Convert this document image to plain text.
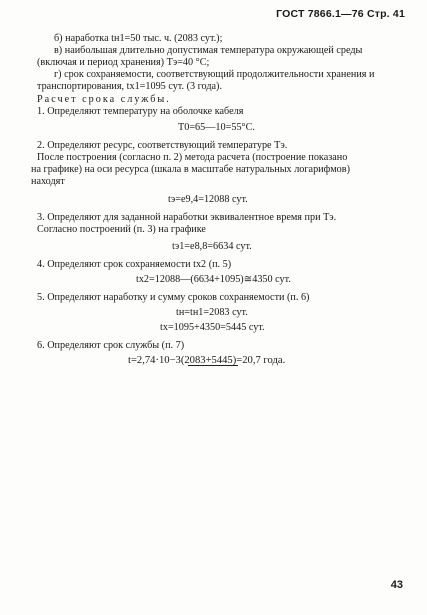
ГОСТ 7866.1—76 Стр. 41
б) наработка tн1=50 тыс. ч. (2083 сут.);
в) наибольшая длительно допустимая температура окружающей среды
(включая и период хранения) Tэ=40 °C;
г) срок сохраняемости, соответствующий продолжительности хранения и
транспортирования, tх1=1095 сут. (3 года).
Расчет срока службы.
1. Определяют температуру на оболочке кабеля
T0=65—10=55°C.
2. Определяют ресурс, соответствующий температуре Tэ.
После построения (согласно п. 2) метода расчета (построение показано
на графике) на оси ресурса (шкала в масштабе натуральных логарифмов)
находят
tэ=e9,4=12088 сут.
3. Определяют для заданной наработки эквивалентное время при Tэ.
Согласно построений (п. 3) на графике
tэ1=e8,8=6634 сут.
4. Определяют срок сохраняемости tх2 (п. 5)
tх2=12088—(6634+1095)≅4350 сут.
5. Определяют наработку и сумму сроков сохраняемости (п. 6)
tн=tн1=2083 сут.
tх=1095+4350=5445 сут.
6. Определяют срок службы (п. 7)
t=2,74·10−3(2083+5445)=20,7 года.
43
